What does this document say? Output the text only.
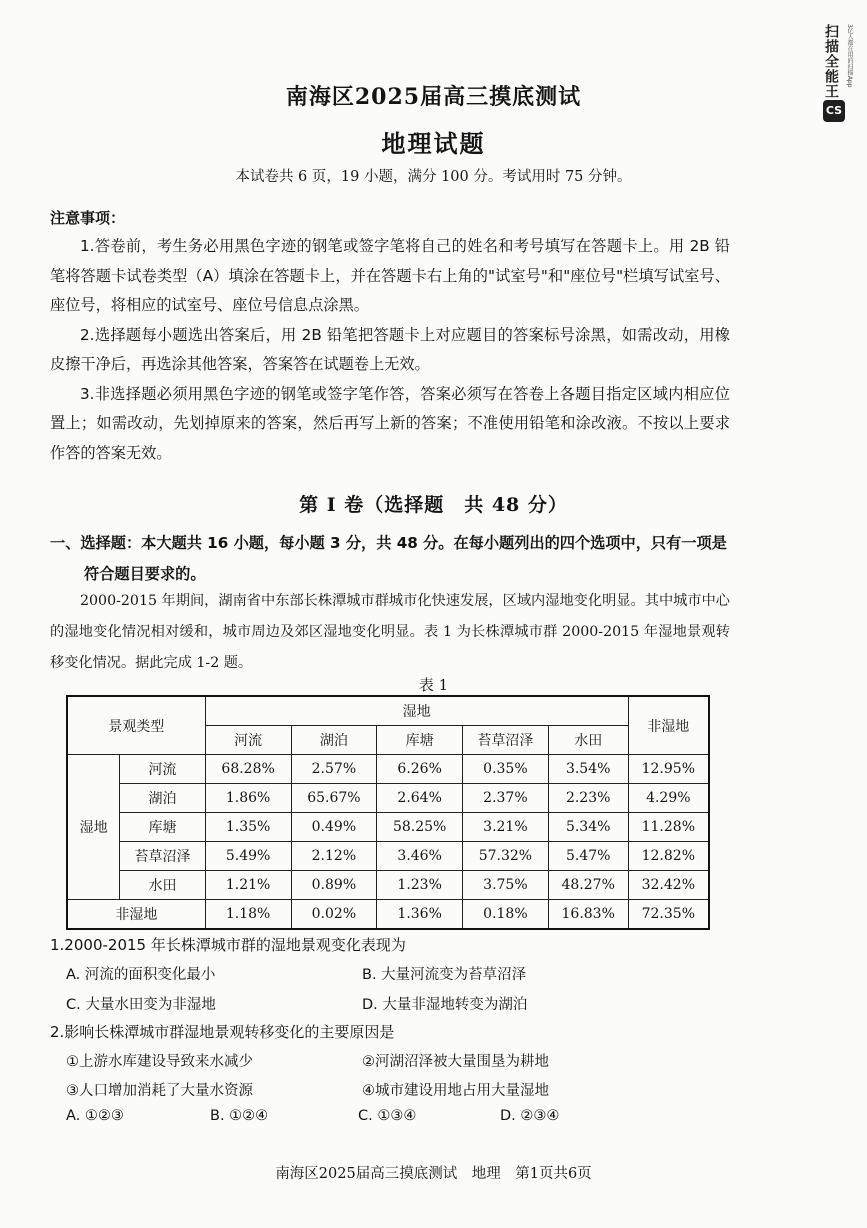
扫描全能王	3亿人都在用的扫描App
CS
南海区2025届高三摸底测试
地理试题
本试卷共 6 页，19 小题，满分 100 分。考试用时 75 分钟。
注意事项：

1.答卷前，考生务必用黑色字迹的钢笔或签字笔将自己的姓名和考号填写在答题卡上。用 2B 铅笔将答题卡试卷类型（A）填涂在答题卡上，并在答题卡右上角的"试室号"和"座位号"栏填写试室号、座位号，将相应的试室号、座位号信息点涂黑。

2.选择题每小题选出答案后，用 2B 铅笔把答题卡上对应题目的答案标号涂黑，如需改动，用橡皮擦干净后，再选涂其他答案，答案答在试题卷上无效。

3.非选择题必须用黑色字迹的钢笔或签字笔作答，答案必须写在答卷上各题目指定区域内相应位置上；如需改动，先划掉原来的答案，然后再写上新的答案；不准使用铅笔和涂改液。不按以上要求作答的答案无效。

第 I 卷（选择题　共 48 分）
一、选择题：本大题共 16 小题，每小题 3 分，共 48 分。在每小题列出的四个选项中，只有一项是
符合题目要求的。

2000-2015 年期间，湖南省中东部长株潭城市群城市化快速发展，区域内湿地变化明显。其中城市中心的湿地变化情况相对缓和，城市周边及郊区湿地变化明显。表 1 为长株潭城市群 2000-2015 年湿地景观转移变化情况。据此完成 1-2 题。

表 1
景观类型		湿地					非湿地
		河流	湖泊	库塘	苔草沼泽	水田	
湿地	河流	68.28%	2.57%	6.26%	0.35%	3.54%	12.95%
	湖泊	1.86%	65.67%	2.64%	2.37%	2.23%	4.29%
	库塘	1.35%	0.49%	58.25%	3.21%	5.34%	11.28%
	苔草沼泽	5.49%	2.12%	3.46%	57.32%	5.47%	12.82%
	水田	1.21%	0.89%	1.23%	3.75%	48.27%	32.42%
非湿地		1.18%	0.02%	1.36%	0.18%	16.83%	72.35%
1.2000-2015 年长株潭城市群的湿地景观变化表现为
A. 河流的面积变化最小	B. 大量河流变为苔草沼泽
C. 大量水田变为非湿地	D. 大量非湿地转变为湖泊
2.影响长株潭城市群湿地景观转移变化的主要原因是
①上游水库建设导致来水减少	②河湖沼泽被大量围垦为耕地
③人口增加消耗了大量水资源	④城市建设用地占用大量湿地
A. ①②③	B. ①②④	C. ①③④	D. ②③④
南海区2025届高三摸底测试　地理　第1页共6页
